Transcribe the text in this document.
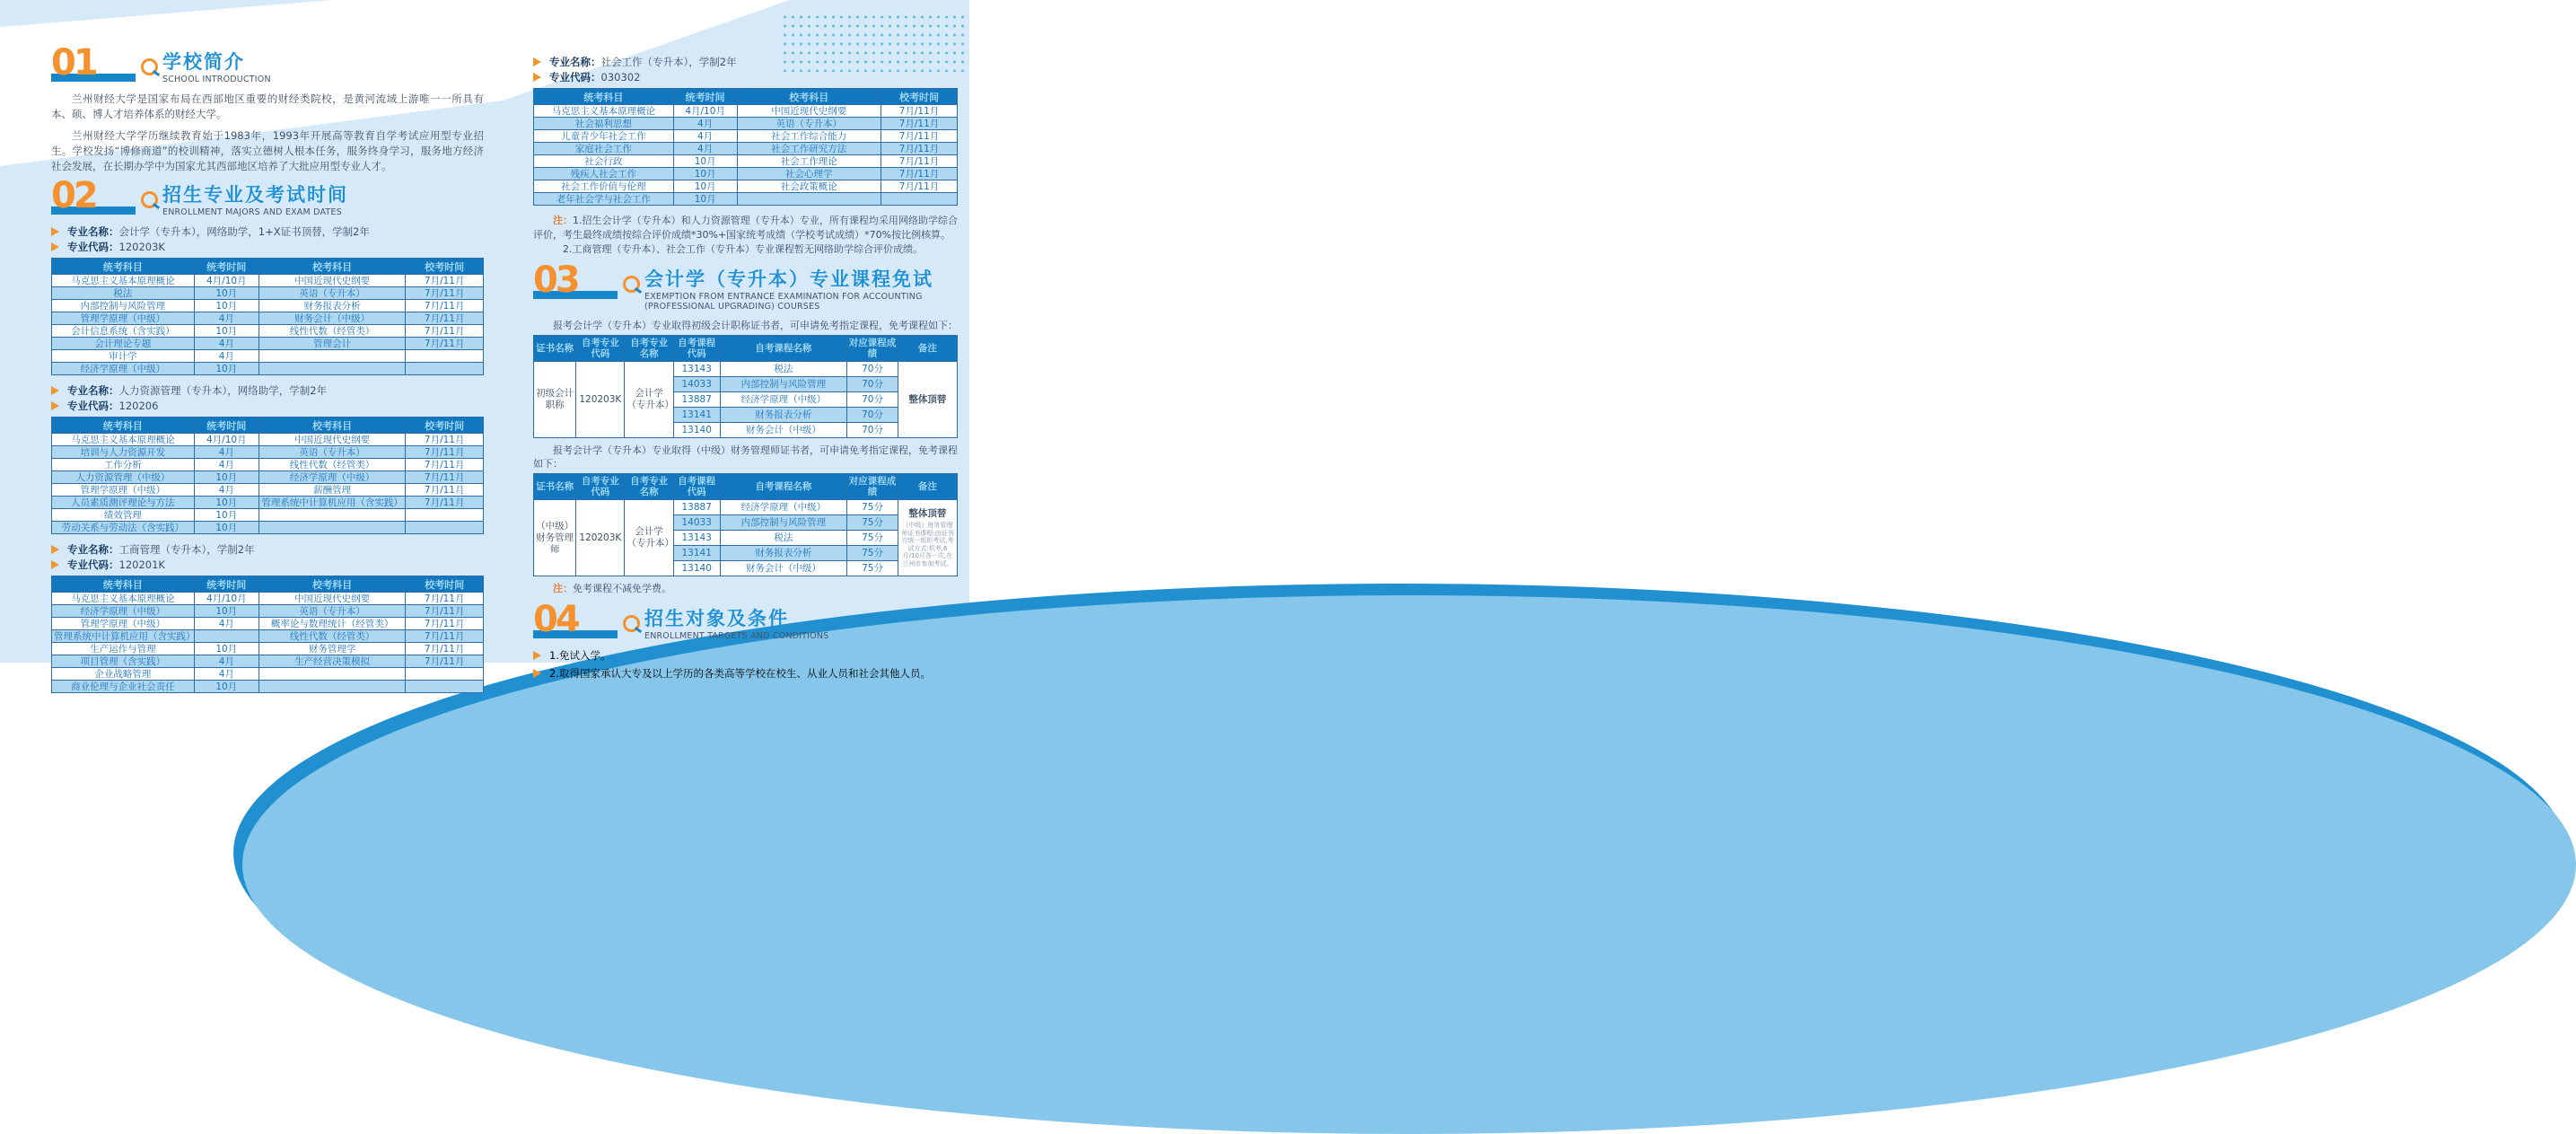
01	学校简介
SCHOOL INTRODUCTION

兰州财经大学是国家布局在西部地区重要的财经类院校，是黄河流域上游唯一一所具有本、硕、博人才培养体系的财经大学。

兰州财经大学学历继续教育始于1983年，1993年开展高等教育自学考试应用型专业招生。学校发扬“博修商道”的校训精神，落实立德树人根本任务，服务终身学习，服务地方经济社会发展，在长期办学中为国家尤其西部地区培养了大批应用型专业人才。

02	招生专业及考试时间
ENROLLMENT MAJORS AND EXAM DATES
专业名称： 会计学（专升本），网络助学，1+X证书顶替，学制2年
专业代码： 120203K
统考科目	统考时间	校考科目	校考时间
马克思主义基本原理概论	4月/10月	中国近现代史纲要	7月/11月
税法	10月	英语（专升本）	7月/11月
内部控制与风险管理	10月	财务报表分析	7月/11月
管理学原理（中级）	4月	财务会计（中级）	7月/11月
会计信息系统（含实践）	10月	线性代数（经管类）	7月/11月
会计理论专题	4月	管理会计	7月/11月
审计学	4月		
经济学原理（中级）	10月		
专业名称： 人力资源管理（专升本），网络助学，学制2年
专业代码： 120206
统考科目	统考时间	校考科目	校考时间
马克思主义基本原理概论	4月/10月	中国近现代史纲要	7月/11月
培训与人力资源开发	4月	英语（专升本）	7月/11月
工作分析	4月	线性代数（经管类）	7月/11月
人力资源管理（中级）	10月	经济学原理（中级）	7月/11月
管理学原理（中级）	4月	薪酬管理	7月/11月
人员素质测评理论与方法	10月	管理系统中计算机应用（含实践）	7月/11月
绩效管理	10月		
劳动关系与劳动法（含实践）	10月		
专业名称： 工商管理（专升本），学制2年
专业代码： 120201K
统考科目	统考时间	校考科目	校考时间
马克思主义基本原理概论	4月/10月	中国近现代史纲要	7月/11月
经济学原理（中级）	10月	英语（专升本）	7月/11月
管理学原理（中级）	4月	概率论与数理统计（经管类）	7月/11月
管理系统中计算机应用（含实践）		线性代数（经管类）	7月/11月
生产运作与管理	10月	财务管理学	7月/11月
项目管理（含实践）	4月	生产经营决策模拟	7月/11月
企业战略管理	4月		
商业伦理与企业社会责任	10月		
专业名称： 社会工作（专升本），学制2年
专业代码： 030302
统考科目	统考时间	校考科目	校考时间
马克思主义基本原理概论	4月/10月	中国近现代史纲要	7月/11月
社会福利思想	4月	英语（专升本）	7月/11月
儿童青少年社会工作	4月	社会工作综合能力	7月/11月
家庭社会工作	4月	社会工作研究方法	7月/11月
社会行政	10月	社会工作理论	7月/11月
残疾人社会工作	10月	社会心理学	7月/11月
社会工作价值与伦理	10月	社会政策概论	7月/11月
老年社会学与社会工作	10月		
注：1.招生会计学（专升本）和人力资源管理（专升本）专业，所有课程均采用网络助学综合评价，考生最终成绩按综合评价成绩*30%+国家统考成绩（学校考试成绩）*70%按比例核算。
2.工商管理（专升本）、社会工作（专升本）专业课程暂无网络助学综合评价成绩。
03	会计学（专升本）专业课程免试
EXEMPTION FROM ENTRANCE EXAMINATION FOR ACCOUNTING (PROFESSIONAL UPGRADING) COURSES
报考会计学（专升本）专业取得初级会计职称证书者，可申请免考指定课程，免考课程如下：
证书名称	自考专业代码	自考专业名称	自考课程代码	自考课程名称	对应课程成绩	备注
初级会计职称	120203K	会计学（专升本）	13143	税法	70分	整体顶替

			14033	内部控制与风险管理	70分	
			13887	经济学原理（中级）	70分	
			13141	财务报表分析	70分	
			13140	财务会计（中级）	70分	
报考会计学（专升本）专业取得（中级）财务管理师证书者，可申请免考指定课程，免考课程如下：
证书名称	自考专业代码	自考专业名称	自考课程代码	自考课程名称	对应课程成绩	备注
（中级）财务管理师	120203K	会计学（专升本）	13887	经济学原理（中级）	75分	整体顶替
（中级）财务管理师证书课程:由证书方统一组织考试,考试方式:机考,6月/10月各一次,在兰州市参加考试。

			14033	内部控制与风险管理	75分	
			13143	税法	75分	
			13141	财务报表分析	75分	
			13140	财务会计（中级）	75分	
注：免考课程不减免学费。
04	招生对象及条件
ENROLLMENT TARGETS AND CONDITIONS
1.免试入学。
2.取得国家承认大专及以上学历的各类高等学校在校生、从业人员和社会其他人员。
